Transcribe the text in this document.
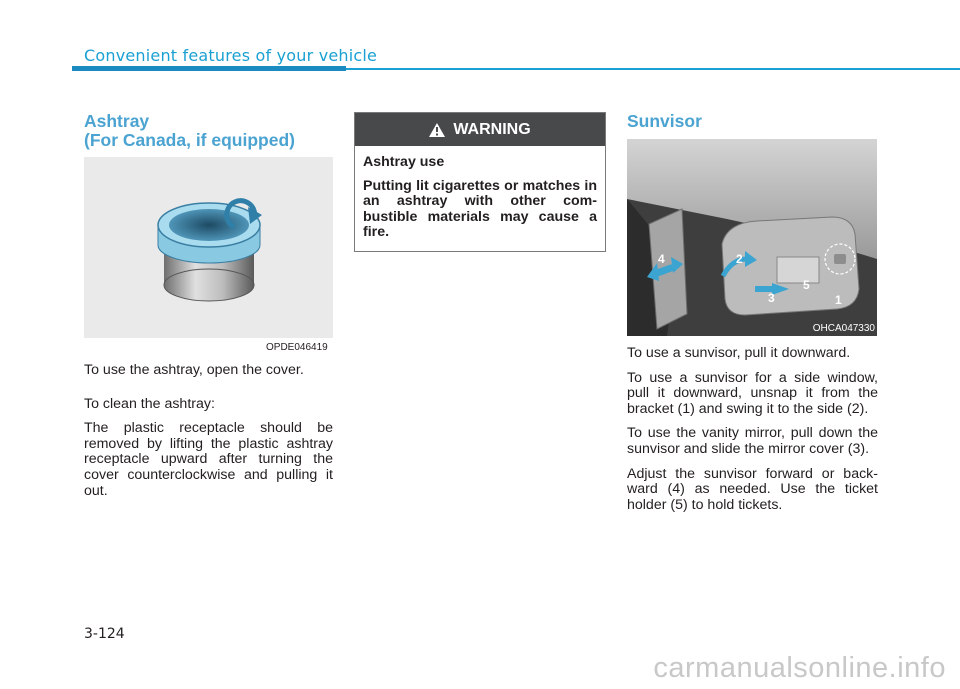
Convenient features of your vehicle
Ashtray
(For Canada, if equipped)
OPDE046419

To use the ashtray, open the cover.

To clean the ashtray:

The plastic receptacle should be removed by lifting the plastic ashtray receptacle upward after turning the cover counterclockwise and pulling it out.

WARNING

Ashtray use

Putting lit cigarettes or matches in an ashtray with other com-bustible materials may cause a fire.

Sunvisor
1
2
3
4
5
OHCA047330

To use a sunvisor, pull it downward.

To use a sunvisor for a side window, pull it downward, unsnap it from the bracket (1) and swing it to the side (2).

To use the vanity mirror, pull down the sunvisor and slide the mirror cover (3).

Adjust the sunvisor forward or back-ward (4) as needed. Use the ticket holder (5) to hold tickets.

3-124
carmanualsonline.info
